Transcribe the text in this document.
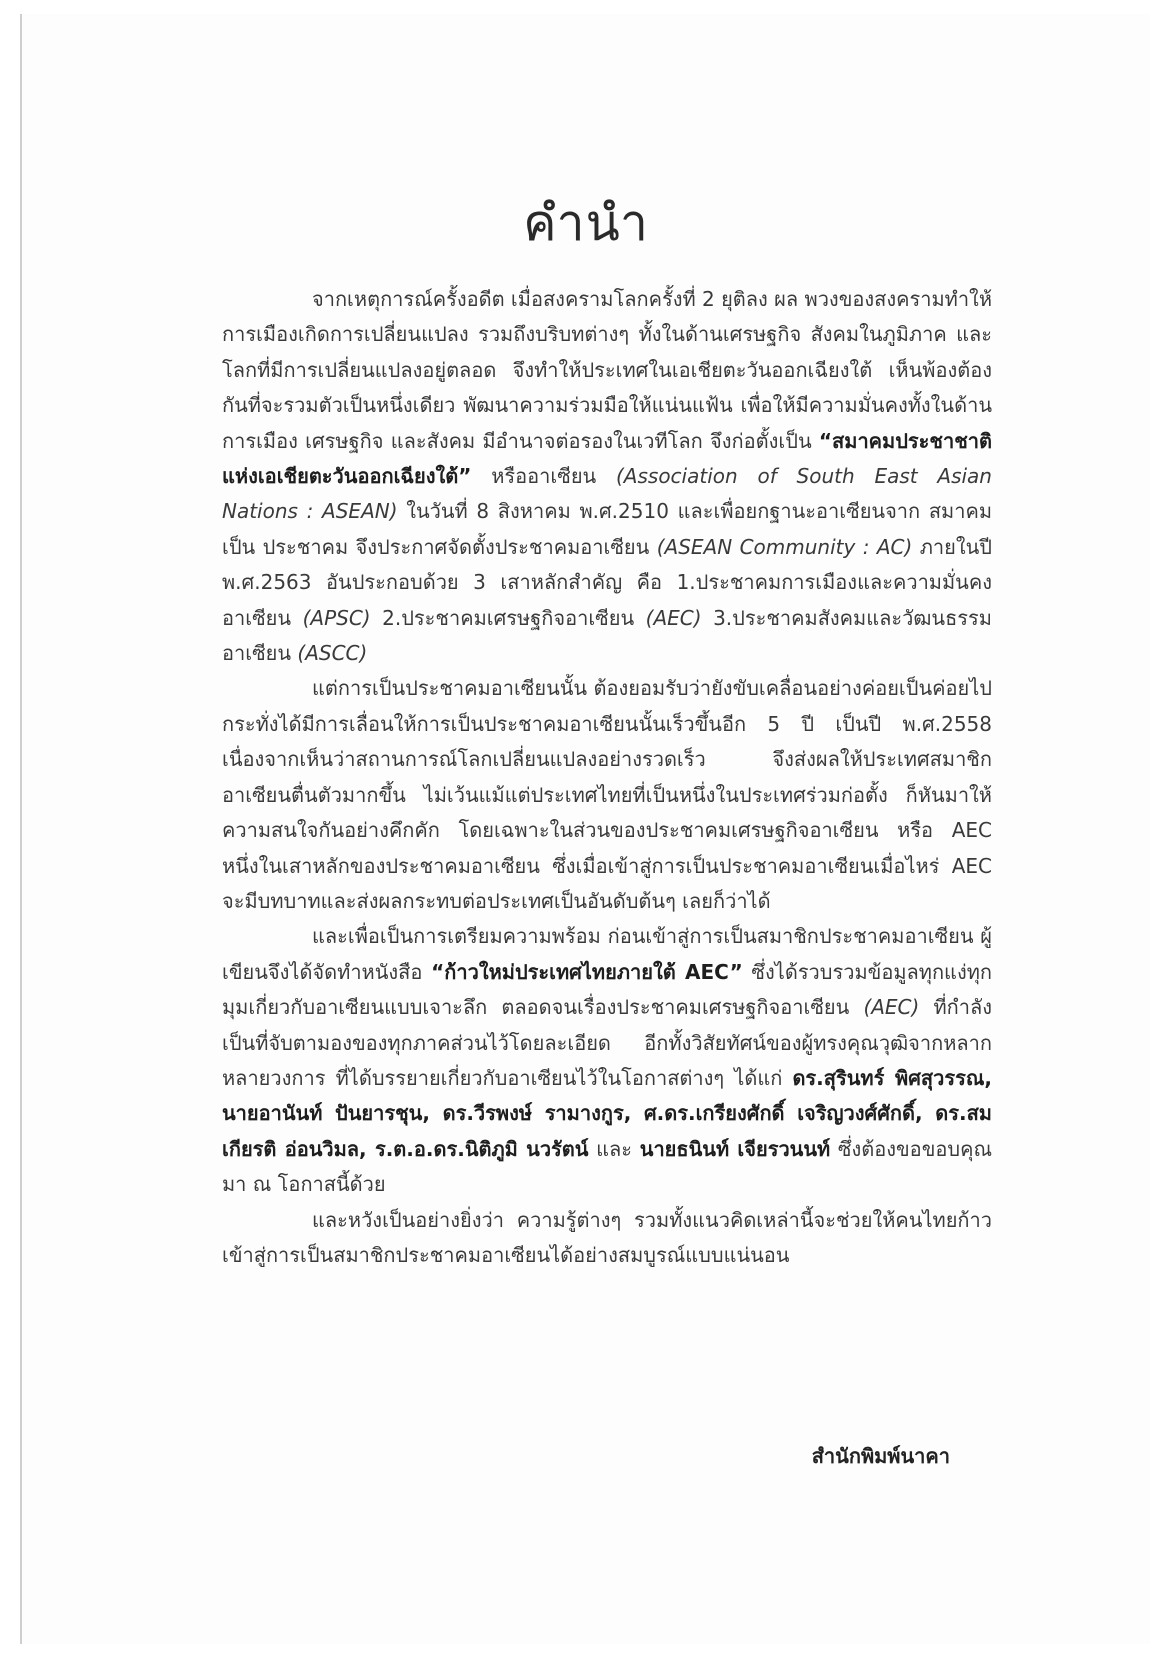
คำนำ

จากเหตุการณ์ครั้งอดีต เมื่อสงครามโลกครั้งที่ 2 ยุติลง ผล พวงของสงครามทำให้การเมืองเกิดการเปลี่ยนแปลง รวมถึงบริบทต่างๆ ทั้งในด้านเศรษฐกิจ สังคมในภูมิภาค และโลกที่มีการเปลี่ยนแปลงอยู่ตลอด จึงทำให้ประเทศในเอเชียตะวันออกเฉียงใต้ เห็นพ้องต้องกันที่จะรวมตัวเป็นหนึ่งเดียว พัฒนาความร่วมมือให้แน่นแฟ้น เพื่อให้มีความมั่นคงทั้งในด้านการเมือง เศรษฐกิจ และสังคม มีอำนาจต่อรองในเวทีโลก จึงก่อตั้งเป็น “สมาคมประชาชาติแห่งเอเชียตะวันออกเฉียงใต้” หรืออาเซียน (Association of South East Asian Nations : ASEAN) ในวันที่ 8 สิงหาคม พ.ศ.2510 และเพื่อยกฐานะอาเซียนจาก สมาคม เป็น ประชาคม จึงประกาศจัดตั้งประชาคมอาเซียน (ASEAN Community : AC) ภายในปี พ.ศ.2563 อันประกอบด้วย 3 เสาหลักสำคัญ คือ 1.ประชาคมการเมืองและความมั่นคงอาเซียน (APSC) 2.ประชาคมเศรษฐกิจอาเซียน (AEC) 3.ประชาคมสังคมและวัฒนธรรมอาเซียน (ASCC)

แต่การเป็นประชาคมอาเซียนนั้น ต้องยอมรับว่ายังขับเคลื่อนอย่างค่อยเป็นค่อยไป กระทั่งได้มีการเลื่อนให้การเป็นประชาคมอาเซียนนั้นเร็วขึ้นอีก 5 ปี เป็นปี พ.ศ.2558 เนื่องจากเห็นว่าสถานการณ์โลกเปลี่ยนแปลงอย่างรวดเร็ว จึงส่งผลให้ประเทศสมาชิกอาเซียนตื่นตัวมากขึ้น ไม่เว้นแม้แต่ประเทศไทยที่เป็นหนึ่งในประเทศร่วมก่อตั้ง ก็หันมาให้ความสนใจกันอย่างคึกคัก โดยเฉพาะในส่วนของประชาคมเศรษฐกิจอาเซียน หรือ AEC หนึ่งในเสาหลักของประชาคมอาเซียน ซึ่งเมื่อเข้าสู่การเป็นประชาคมอาเซียนเมื่อไหร่ AEC จะมีบทบาทและส่งผลกระทบต่อประเทศเป็นอันดับต้นๆ เลยก็ว่าได้

และเพื่อเป็นการเตรียมความพร้อม ก่อนเข้าสู่การเป็นสมาชิกประชาคมอาเซียน ผู้เขียนจึงได้จัดทำหนังสือ “ก้าวใหม่ประเทศไทยภายใต้ AEC” ซึ่งได้รวบรวมข้อมูลทุกแง่ทุกมุมเกี่ยวกับอาเซียนแบบเจาะลึก ตลอดจนเรื่องประชาคมเศรษฐกิจอาเซียน (AEC) ที่กำลังเป็นที่จับตามองของทุกภาคส่วนไว้โดยละเอียด อีกทั้งวิสัยทัศน์ของผู้ทรงคุณวุฒิจากหลากหลายวงการ ที่ได้บรรยายเกี่ยวกับอาเซียนไว้ในโอกาสต่างๆ ได้แก่ ดร.สุรินทร์ พิศสุวรรณ, นายอานันท์ ปันยารชุน, ดร.วีรพงษ์ รามางกูร, ศ.ดร.เกรียงศักดิ์ เจริญวงศ์ศักดิ์, ดร.สมเกียรติ อ่อนวิมล, ร.ต.อ.ดร.นิติภูมิ นวรัตน์ และ นายธนินท์ เจียรวนนท์ ซึ่งต้องขอขอบคุณมา ณ โอกาสนี้ด้วย

และหวังเป็นอย่างยิ่งว่า ความรู้ต่างๆ รวมทั้งแนวคิดเหล่านี้จะช่วยให้คนไทยก้าวเข้าสู่การเป็นสมาชิกประชาคมอาเซียนได้อย่างสมบูรณ์แบบแน่นอน

สำนักพิมพ์นาคา
